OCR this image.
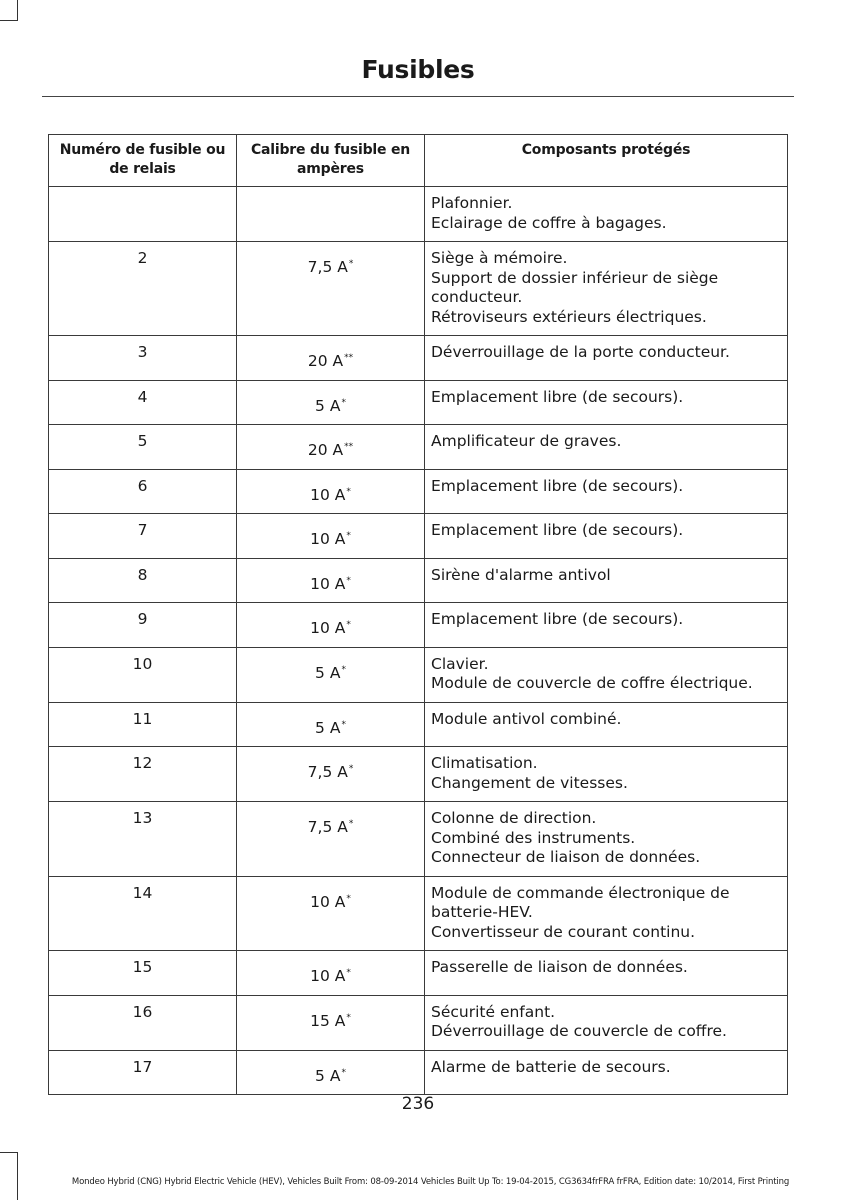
Fusibles
Numéro de fusible ou de relais	Calibre du fusible en ampères	Composants protégés

		Plafonnier.
Eclairage de coffre à bagages.

2	7,5 A*	Siège à mémoire.
Support de dossier inférieur de siège conducteur.
Rétroviseurs extérieurs électriques.

3	20 A**	Déverrouillage de la porte conducteur.

4	5 A*	Emplacement libre (de secours).

5	20 A**	Amplificateur de graves.

6	10 A*	Emplacement libre (de secours).

7	10 A*	Emplacement libre (de secours).

8	10 A*	Sirène d'alarme antivol

9	10 A*	Emplacement libre (de secours).

10	5 A*	Clavier.
Module de couvercle de coffre électrique.

11	5 A*	Module antivol combiné.

12	7,5 A*	Climatisation.
Changement de vitesses.

13	7,5 A*	Colonne de direction.
Combiné des instruments.
Connecteur de liaison de données.

14	10 A*	Module de commande électronique de batterie-HEV.
Convertisseur de courant continu.

15	10 A*	Passerelle de liaison de données.

16	15 A*	Sécurité enfant.
Déverrouillage de couvercle de coffre.

17	5 A*	Alarme de batterie de secours.
236
Mondeo Hybrid (CNG) Hybrid Electric Vehicle (HEV), Vehicles Built From: 08-09-2014 Vehicles Built Up To: 19-04-2015, CG3634frFRA frFRA, Edition date: 10/2014, First Printing
